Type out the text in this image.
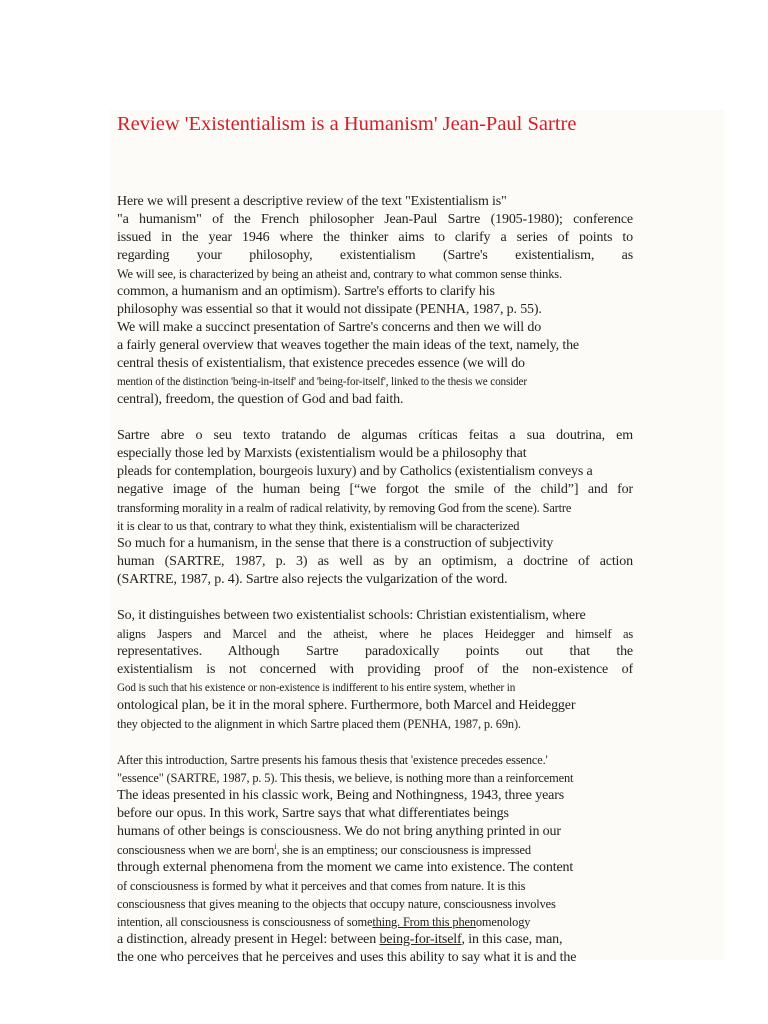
Review 'Existentialism is a Humanism' Jean-Paul Sartre
Here we will present a descriptive review of the text "Existentialism is"
"a humanism" of the French philosopher Jean-Paul Sartre (1905-1980); conference
issued in the year 1946 where the thinker aims to clarify a series of points to
regarding your philosophy, existentialism (Sartre's existentialism, as
We will see, is characterized by being an atheist and, contrary to what common sense thinks.
common, a humanism and an optimism). Sartre's efforts to clarify his
philosophy was essential so that it would not dissipate (PENHA, 1987, p. 55).
We will make a succinct presentation of Sartre's concerns and then we will do
a fairly general overview that weaves together the main ideas of the text, namely, the
central thesis of existentialism, that existence precedes essence (we will do
mention of the distinction 'being-in-itself' and 'being-for-itself', linked to the thesis we consider
central), freedom, the question of God and bad faith.
Sartre abre o seu texto tratando de algumas críticas feitas a sua doutrina, em
especially those led by Marxists (existentialism would be a philosophy that
pleads for contemplation, bourgeois luxury) and by Catholics (existentialism conveys a
negative image of the human being [“we forgot the smile of the child”] and for
transforming morality in a realm of radical relativity, by removing God from the scene). Sartre
it is clear to us that, contrary to what they think, existentialism will be characterized
So much for a humanism, in the sense that there is a construction of subjectivity
human (SARTRE, 1987, p. 3) as well as by an optimism, a doctrine of action
(SARTRE, 1987, p. 4). Sartre also rejects the vulgarization of the word.
So, it distinguishes between two existentialist schools: Christian existentialism, where
aligns Jaspers and Marcel and the atheist, where he places Heidegger and himself as
representatives. Although Sartre paradoxically points out that the
existentialism is not concerned with providing proof of the non-existence of
God is such that his existence or non-existence is indifferent to his entire system, whether in
ontological plan, be it in the moral sphere. Furthermore, both Marcel and Heidegger
they objected to the alignment in which Sartre placed them (PENHA, 1987, p. 69n).
After this introduction, Sartre presents his famous thesis that 'existence precedes essence.'
"essence" (SARTRE, 1987, p. 5). This thesis, we believe, is nothing more than a reinforcement
The ideas presented in his classic work, Being and Nothingness, 1943, three years
before our opus. In this work, Sartre says that what differentiates beings
humans of other beings is consciousness. We do not bring anything printed in our
consciousness when we are born$^i$, she is an emptiness; our consciousness is impressed
through external phenomena from the moment we came into existence. The content
of consciousness is formed by what it perceives and that comes from nature. It is this
consciousness that gives meaning to the objects that occupy nature, consciousness involves
intention, all consciousness is consciousness of something. From this phenomenology
a distinction, already present in Hegel: between being-for-itself, in this case, man,
the one who perceives that he perceives and uses this ability to say what it is and the
